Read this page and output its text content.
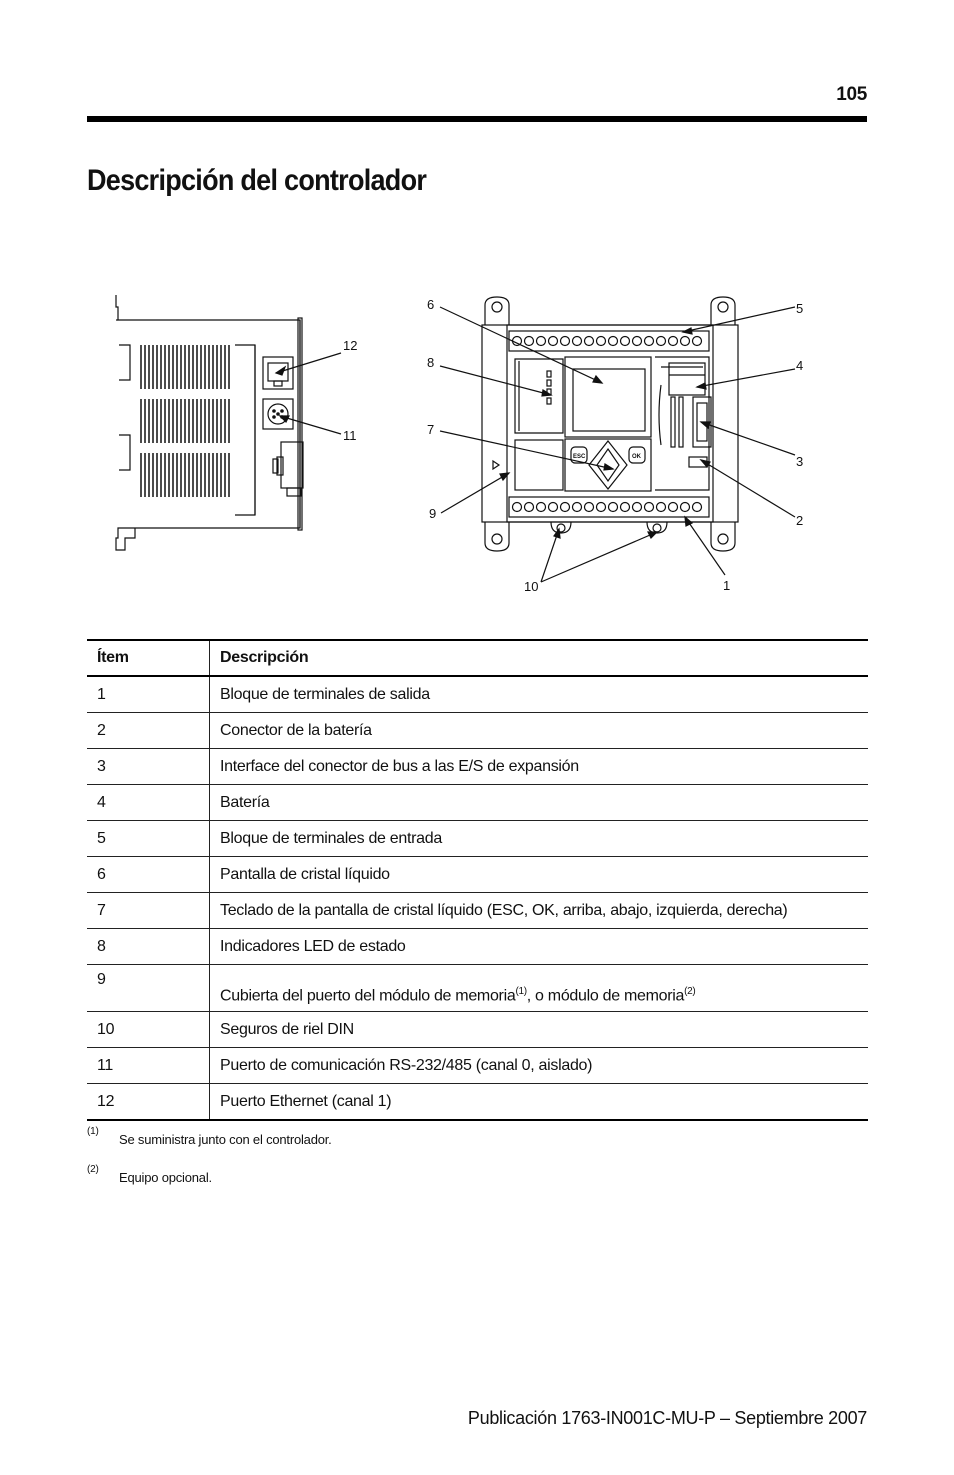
105
Descripción del controlador
ESC	OK
12
11
6
8
7
9
10	1
5
4
3
2
Ítem	Descripción
1	Bloque de terminales de salida
2	Conector de la batería
3	Interface del conector de bus a las E/S de expansión
4	Batería
5	Bloque de terminales de entrada
6	Pantalla de cristal líquido
7	Teclado de la pantalla de cristal líquido (ESC, OK, arriba, abajo, izquierda, derecha)
8	Indicadores LED de estado
9	Cubierta del puerto del módulo de memoria$^{(1)}$, o módulo de memoria$^{(2)}$
10	Seguros de riel DIN
11	Puerto de comunicación RS-232/485 (canal 0, aislado)
12	Puerto Ethernet (canal 1)
(1)
Se suministra junto con el controlador.
(2)
Equipo opcional.
Publicación 1763-IN001C-MU-P – Septiembre 2007
